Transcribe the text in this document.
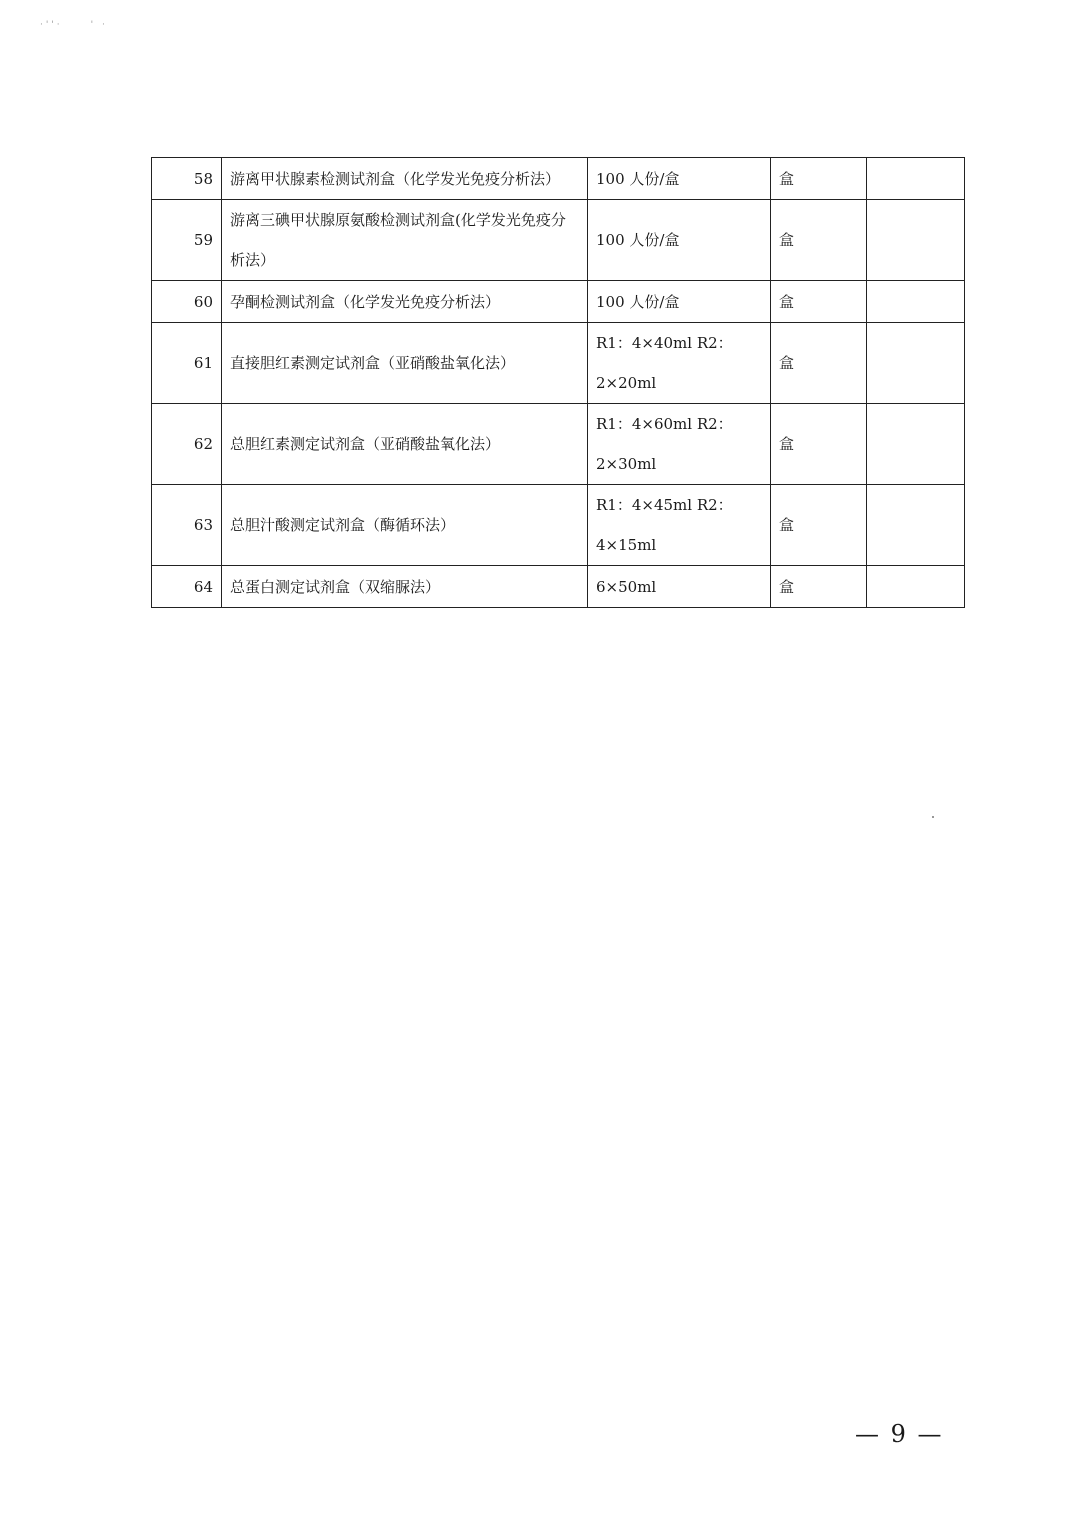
·''·	' ·
58	游离甲状腺素检测试剂盒（化学发光免疫分析法）	100 人份/盒	盒	
59	游离三碘甲状腺原氨酸检测试剂盒(化学发光免疫分析法）	100 人份/盒	盒	
60	孕酮检测试剂盒（化学发光免疫分析法）	100 人份/盒	盒	
61	直接胆红素测定试剂盒（亚硝酸盐氧化法）	R1：4×40ml R2：2×20ml	盒	
62	总胆红素测定试剂盒（亚硝酸盐氧化法）	R1：4×60ml R2：2×30ml	盒	
63	总胆汁酸测定试剂盒（酶循环法）	R1：4×45ml R2：4×15ml	盒	
64	总蛋白测定试剂盒（双缩脲法）	6×50ml	盒	
— 9 —
